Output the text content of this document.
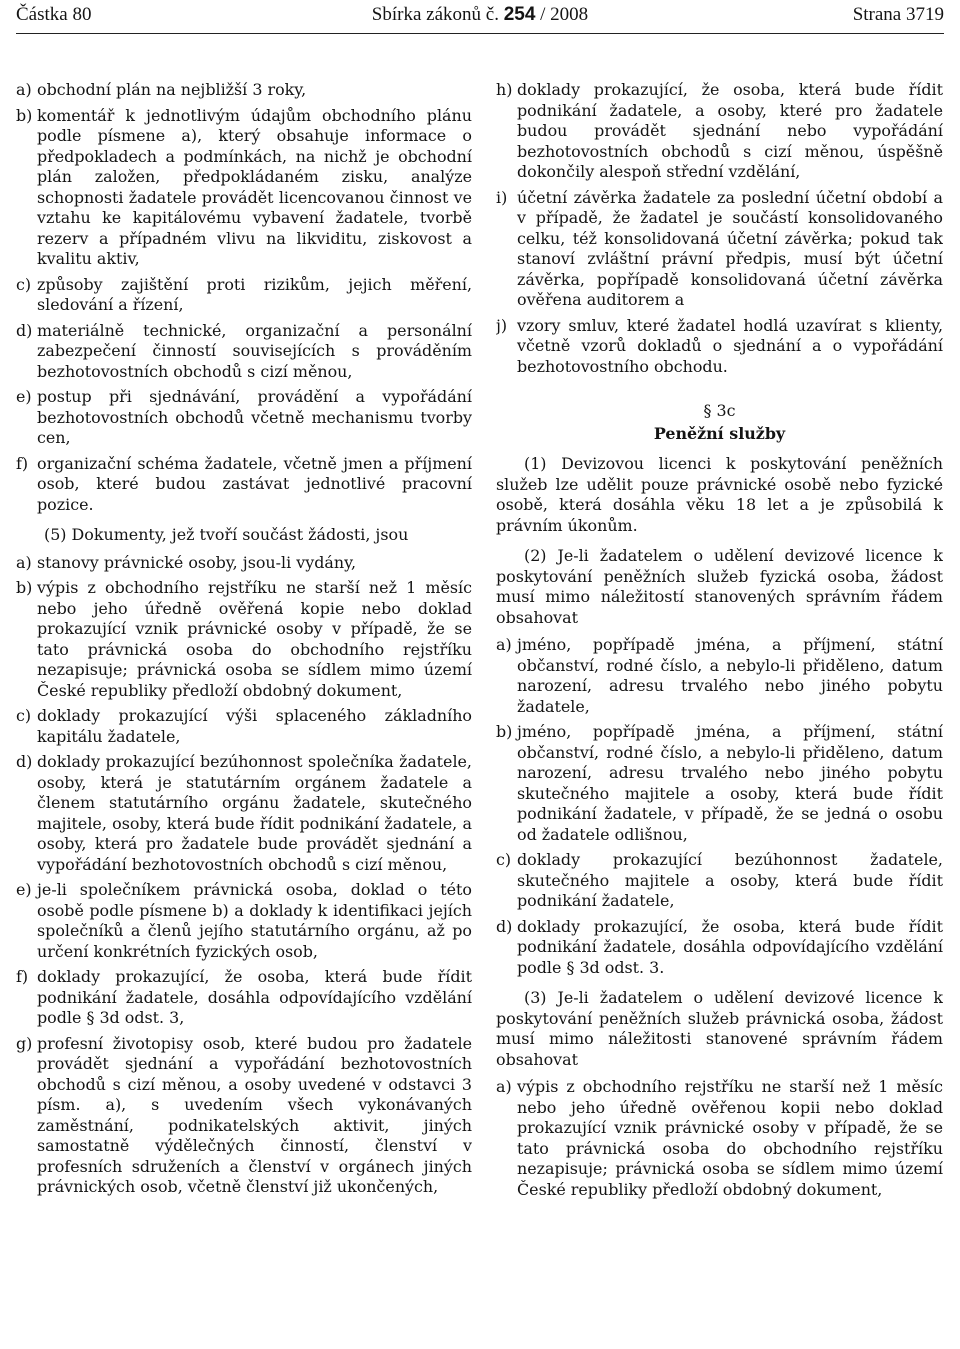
Částka 80	Sbírka zákonů č. 254 / 2008	Strana 3719
a) obchodní plán na nejbližší 3 roky,
b) komentář k jednotlivým údajům obchodního plánu podle písmene a), který obsahuje informace o předpokladech a podmínkách, na nichž je obchodní plán založen, předpokládaném zisku, analýze schopnosti žadatele provádět licencovanou činnost ve vztahu ke kapitálovému vybavení žadatele, tvorbě rezerv a případném vlivu na likviditu, ziskovost a kvalitu aktiv,
c) způsoby zajištění proti rizikům, jejich měření, sledování a řízení,
d) materiálně technické, organizační a personální zabezpečení činností souvisejících s prováděním bezhotovostních obchodů s cizí měnou,
e) postup při sjednávání, provádění a vypořádání bezhotovostních obchodů včetně mechanismu tvorby cen,
f) organizační schéma žadatele, včetně jmen a příjmení osob, které budou zastávat jednotlivé pracovní pozice.

(5) Dokumenty, jež tvoří součást žádosti, jsou

a) stanovy právnické osoby, jsou-li vydány,
b) výpis z obchodního rejstříku ne starší než 1 měsíc nebo jeho úředně ověřená kopie nebo doklad prokazující vznik právnické osoby v případě, že se tato právnická osoba do obchodního rejstříku nezapisuje; právnická osoba se sídlem mimo území České republiky předloží obdobný dokument,
c) doklady prokazující výši splaceného základního kapitálu žadatele,
d) doklady prokazující bezúhonnost společníka žadatele, osoby, která je statutárním orgánem žadatele a členem statutárního orgánu žadatele, skutečného majitele, osoby, která bude řídit podnikání žadatele, a osoby, která pro žadatele bude provádět sjednání a vypořádání bezhotovostních obchodů s cizí měnou,
e) je-li společníkem právnická osoba, doklad o této osobě podle písmene b) a doklady k identifikaci jejích společníků a členů jejího statutárního orgánu, až po určení konkrétních fyzických osob,
f) doklady prokazující, že osoba, která bude řídit podnikání žadatele, dosáhla odpovídajícího vzdělání podle § 3d odst. 3,
g) profesní životopisy osob, které budou pro žadatele provádět sjednání a vypořádání bezhotovostních obchodů s cizí měnou, a osoby uvedené v odstavci 3 písm. a), s uvedením všech vykonávaných zaměstnání, podnikatelských aktivit, jiných samostatně výdělečných činností, členství v profesních sdruženích a členství v orgánech jiných právnických osob, včetně členství již ukončených,
h) doklady prokazující, že osoba, která bude řídit podnikání žadatele, a osoby, které pro žadatele budou provádět sjednání nebo vypořádání bezhotovostních obchodů s cizí měnou, úspěšně dokončily alespoň střední vzdělání,
i) účetní závěrka žadatele za poslední účetní období a v případě, že žadatel je součástí konsolidovaného celku, též konsolidovaná účetní závěrka; pokud tak stanoví zvláštní právní předpis, musí být účetní závěrka, popřípadě konsolidovaná účetní závěrka ověřena auditorem a
j) vzory smluv, které žadatel hodlá uzavírat s klienty, včetně vzorů dokladů o sjednání a o vypořádání bezhotovostního obchodu.
§ 3c
Peněžní služby

(1) Devizovou licenci k poskytování peněžních služeb lze udělit pouze právnické osobě nebo fyzické osobě, která dosáhla věku 18 let a je způsobilá k právním úkonům.

(2) Je-li žadatelem o udělení devizové licence k poskytování peněžních služeb fyzická osoba, žádost musí mimo náležitostí stanovených správním řádem obsahovat

a) jméno, popřípadě jména, a příjmení, státní občanství, rodné číslo, a nebylo-li přiděleno, datum narození, adresu trvalého nebo jiného pobytu žadatele,
b) jméno, popřípadě jména, a příjmení, státní občanství, rodné číslo, a nebylo-li přiděleno, datum narození, adresu trvalého nebo jiného pobytu skutečného majitele a osoby, která bude řídit podnikání žadatele, v případě, že se jedná o osobu od žadatele odlišnou,
c) doklady prokazující bezúhonnost žadatele, skutečného majitele a osoby, která bude řídit podnikání žadatele,
d) doklady prokazující, že osoba, která bude řídit podnikání žadatele, dosáhla odpovídajícího vzdělání podle § 3d odst. 3.

(3) Je-li žadatelem o udělení devizové licence k poskytování peněžních služeb právnická osoba, žádost musí mimo náležitosti stanovené správním řádem obsahovat

a) výpis z obchodního rejstříku ne starší než 1 měsíc nebo jeho úředně ověřenou kopii nebo doklad prokazující vznik právnické osoby v případě, že se tato právnická osoba do obchodního rejstříku nezapisuje; právnická osoba se sídlem mimo území České republiky předloží obdobný dokument,
